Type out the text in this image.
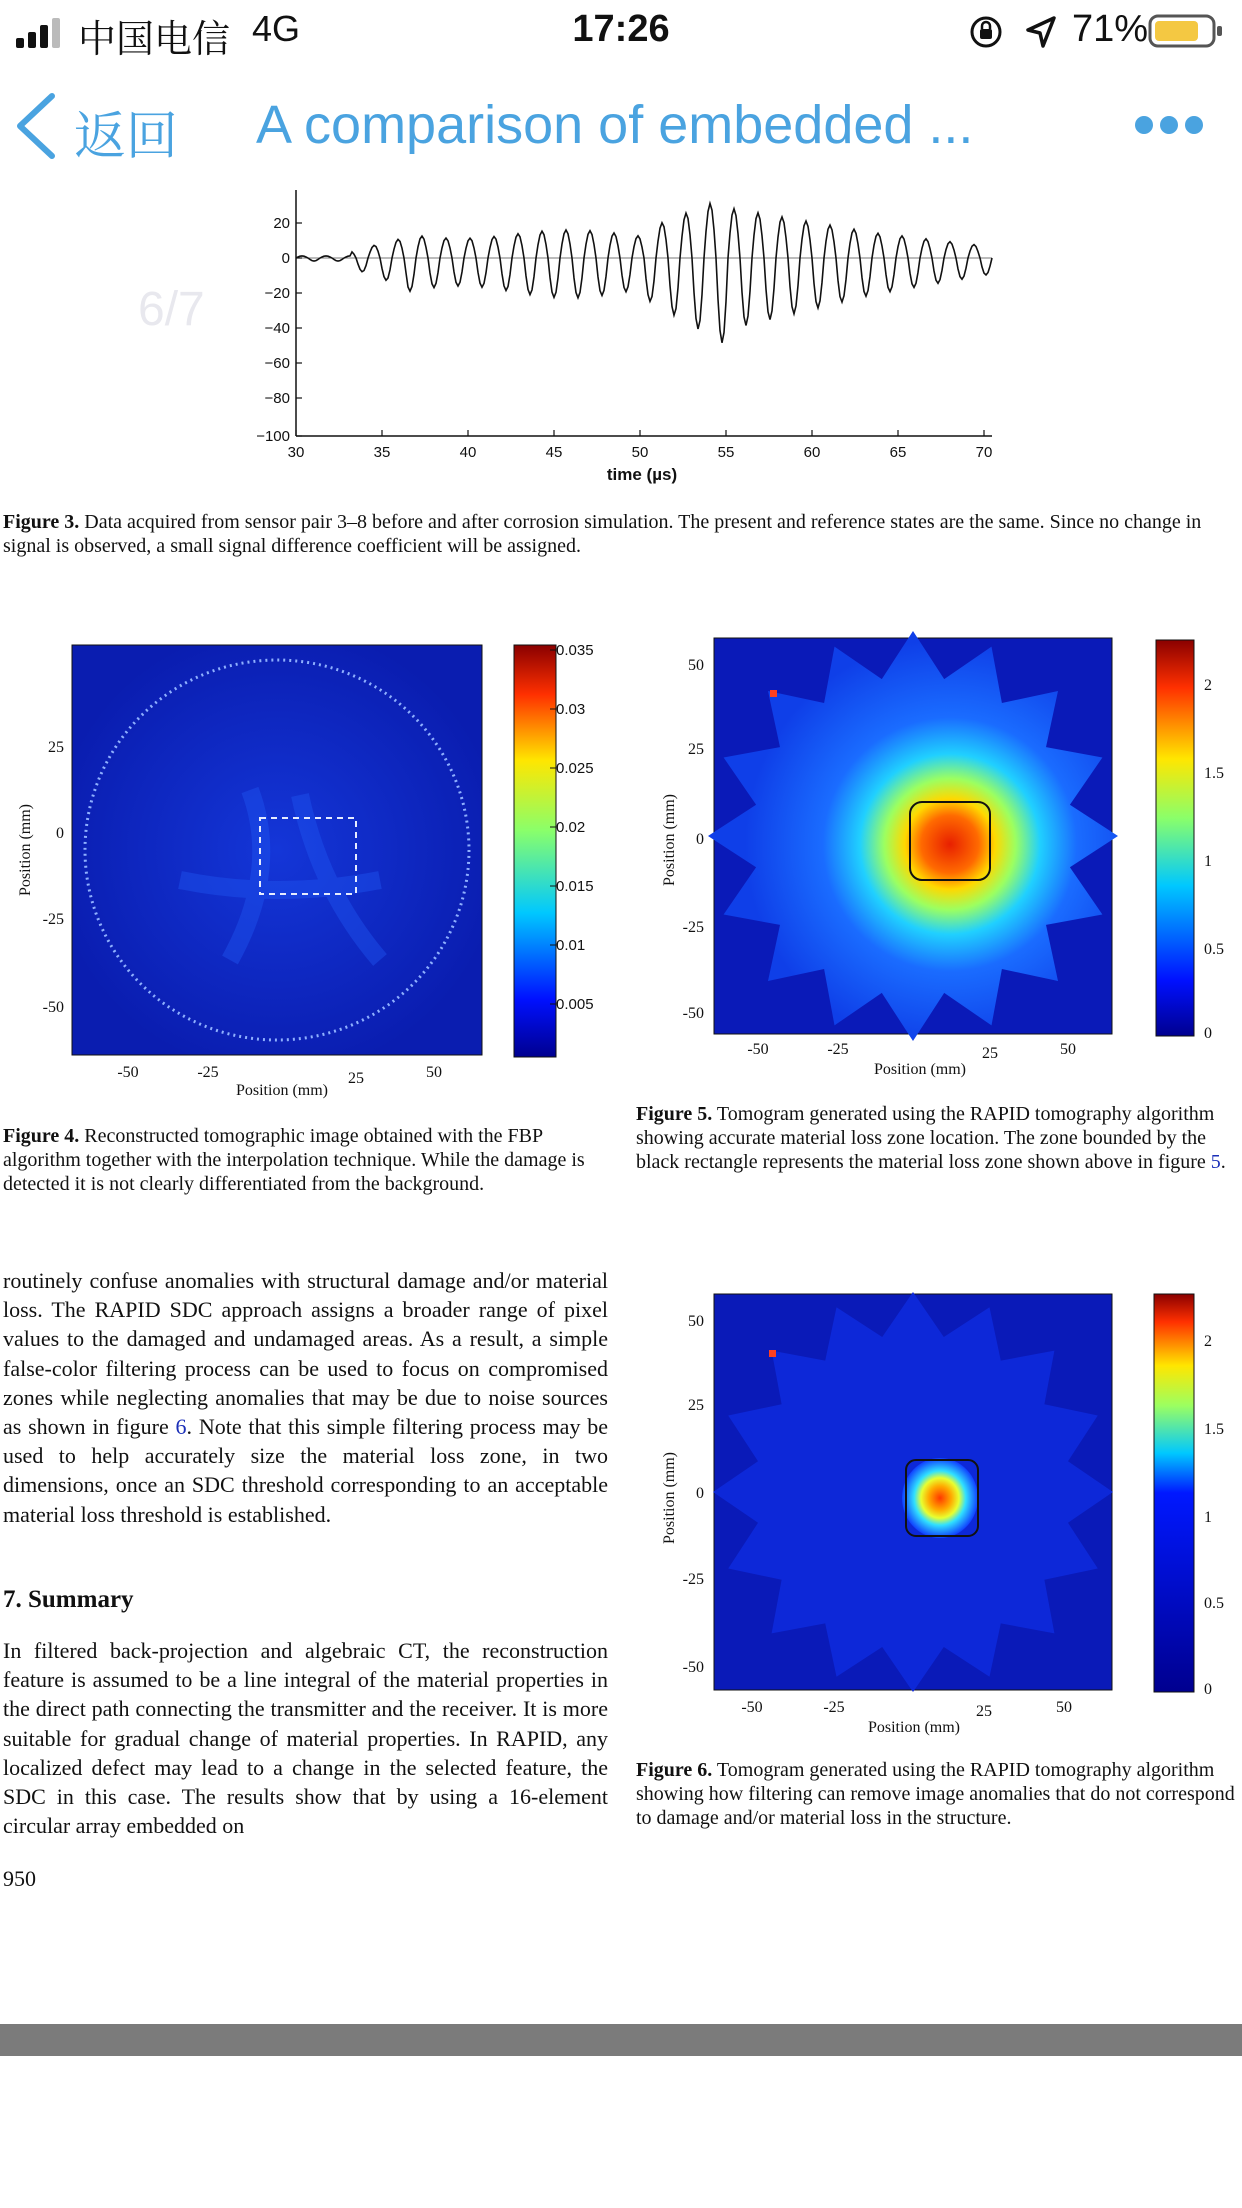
中国电信 4G	17:26	71%
返回 A comparison of embedded ...
20
0
−20
−40
−60
−80
−100
30	35	40	45	50	55	60	65	70
time (µs)
6/7
Figure 3. Data acquired from sensor pair 3–8 before and after corrosion simulation. The present and reference states are the same. Since no change in signal is observed, a small signal difference coefficient will be assigned.
0.035
0.03
0.025
0.02
0.015
0.01
0.005
25
0
-25
-50
-50	-25	25	50
Position (mm)
Position (mm)
Figure 4. Reconstructed tomographic image obtained with the FBP algorithm together with the interpolation technique. While the damage is detected it is not clearly differentiated from the background.
2
1.5
1
0.5
0
50
25
0
-25
-50
-50	-25	25	50
Position (mm)
Position (mm)
Figure 5. Tomogram generated using the RAPID tomography algorithm showing accurate material loss zone location. The zone bounded by the black rectangle represents the material loss zone shown above in figure 5.
2
1.5
1
0.5
0
50
25
0
-25
-50
-50	-25	25	50
Position (mm)
Position (mm)
Figure 6. Tomogram generated using the RAPID tomography algorithm showing how filtering can remove image anomalies that do not correspond to damage and/or material loss in the structure.
routinely confuse anomalies with structural damage and/or material loss. The RAPID SDC approach assigns a broader range of pixel values to the damaged and undamaged areas. As a result, a simple false-color filtering process can be used to focus on compromised zones while neglecting anomalies that may be due to noise sources as shown in figure 6. Note that this simple filtering process may be used to help accurately size the material loss zone, in two dimensions, once an SDC threshold corresponding to an acceptable material loss threshold is established.
7. Summary
In filtered back-projection and algebraic CT, the reconstruction feature is assumed to be a line integral of the material properties in the direct path connecting the transmitter and the receiver. It is more suitable for gradual change of material properties. In RAPID, any localized defect may lead to a change in the selected feature, the SDC in this case. The results show that by using a 16-element circular array embedded on
950
